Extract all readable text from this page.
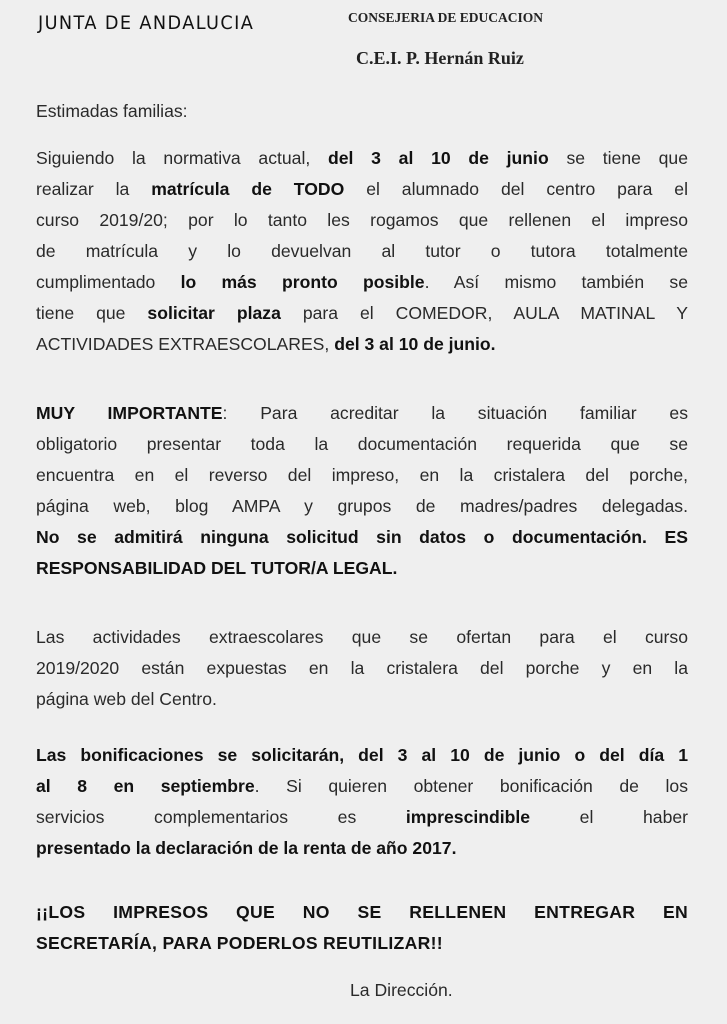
JUNTA DE ANDALUCIA	CONSEJERIA DE EDUCACION
C.E.I. P. Hernán Ruiz
Estimadas familias:
Siguiendo la normativa actual, del 3 al 10 de junio se tiene que
realizar la matrícula de TODO el alumnado del centro para el
curso 2019/20; por lo tanto les rogamos que rellenen el impreso
de matrícula y lo devuelvan al tutor o tutora totalmente
cumplimentado lo más pronto posible. Así mismo también se
tiene que solicitar plaza para el COMEDOR, AULA MATINAL Y
ACTIVIDADES EXTRAESCOLARES, del 3 al 10 de junio.
MUY IMPORTANTE: Para acreditar la situación familiar es
obligatorio presentar toda la documentación requerida que se
encuentra en el reverso del impreso, en la cristalera del porche,
página web, blog AMPA y grupos de madres/padres delegadas.
No se admitirá ninguna solicitud sin datos o documentación. ES
RESPONSABILIDAD DEL TUTOR/A LEGAL.
Las actividades extraescolares que se ofertan para el curso
2019/2020 están expuestas en la cristalera del porche y en la
página web del Centro.
Las bonificaciones se solicitarán, del 3 al 10 de junio o del día 1
al 8 en septiembre. Si quieren obtener bonificación de los
servicios complementarios es imprescindible el haber
presentado la declaración de la renta de año 2017.
¡¡LOS IMPRESOS QUE NO SE RELLENEN ENTREGAR EN
SECRETARÍA, PARA PODERLOS REUTILIZAR!!
La Dirección.
